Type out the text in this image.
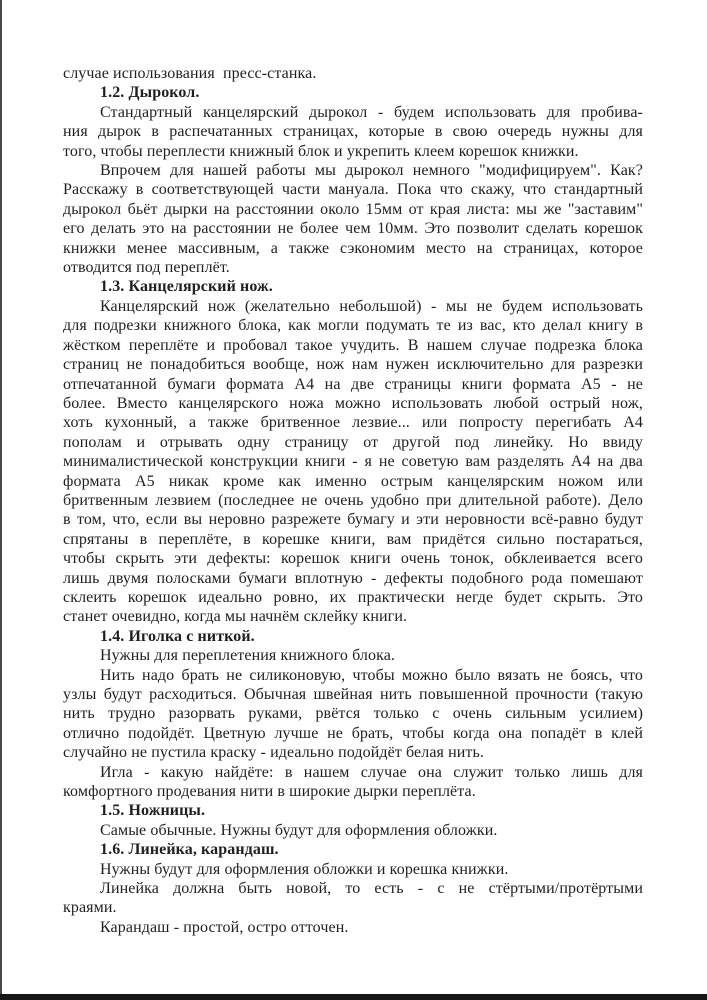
случае использования  пресс-станка.
1.2. Дырокол.
Стандартный канцелярский дырокол - будем использовать для пробива-
ния дырок в распечатанных страницах, которые в свою очередь нужны для
того, чтобы переплести книжный блок и укрепить клеем корешок книжки.
Впрочем для нашей работы мы дырокол немного "модифицируем". Как?
Расскажу в соответствующей части мануала. Пока что скажу, что стандартный
дырокол бьёт дырки на расстоянии около 15мм от края листа: мы же "заставим"
его делать это на расстоянии не более чем 10мм. Это позволит сделать корешок
книжки менее массивным, а также сэкономим место на страницах, которое
отводится под переплёт.
1.3. Канцелярский нож.
Канцелярский нож (желательно небольшой) - мы не будем использовать
для подрезки книжного блока, как могли подумать те из вас, кто делал книгу в
жёстком переплёте и пробовал такое учудить. В нашем случае подрезка блока
страниц не понадобиться вообще, нож нам нужен исключительно для разрезки
отпечатанной бумаги формата А4 на две страницы книги формата А5 - не
более. Вместо канцелярского ножа можно использовать любой острый нож,
хоть кухонный, а также бритвенное лезвие... или попросту перегибать А4
пополам и отрывать одну страницу от другой под линейку. Но ввиду
минималистической конструкции книги - я не советую вам разделять А4 на два
формата А5 никак кроме как именно острым канцелярским ножом или
бритвенным лезвием (последнее не очень удобно при длительной работе). Дело
в том, что, если вы неровно разрежете бумагу и эти неровности всё-равно будут
спрятаны в переплёте, в корешке книги, вам придётся сильно постараться,
чтобы скрыть эти дефекты: корешок книги очень тонок, обклеивается всего
лишь двумя полосками бумаги вплотную - дефекты подобного рода помешают
склеить корешок идеально ровно, их практически негде будет скрыть. Это
станет очевидно, когда мы начнём склейку книги.
1.4. Иголка с ниткой.
Нужны для переплетения книжного блока.
Нить надо брать не силиконовую, чтобы можно было вязать не боясь, что
узлы будут расходиться. Обычная швейная нить повышенной прочности (такую
нить трудно разорвать руками, рвётся только с очень сильным усилием)
отлично подойдёт. Цветную лучше не брать, чтобы когда она попадёт в клей
случайно не пустила краску - идеально подойдёт белая нить.
Игла - какую найдёте: в нашем случае она служит только лишь для
комфортного продевания нити в широкие дырки переплёта.
1.5. Ножницы.
Самые обычные. Нужны будут для оформления обложки.
1.6. Линейка, карандаш.
Нужны будут для оформления обложки и корешка книжки.
Линейка должна быть новой, то есть - с не стёртыми/протёртыми
краями.
Карандаш - простой, остро отточен.
